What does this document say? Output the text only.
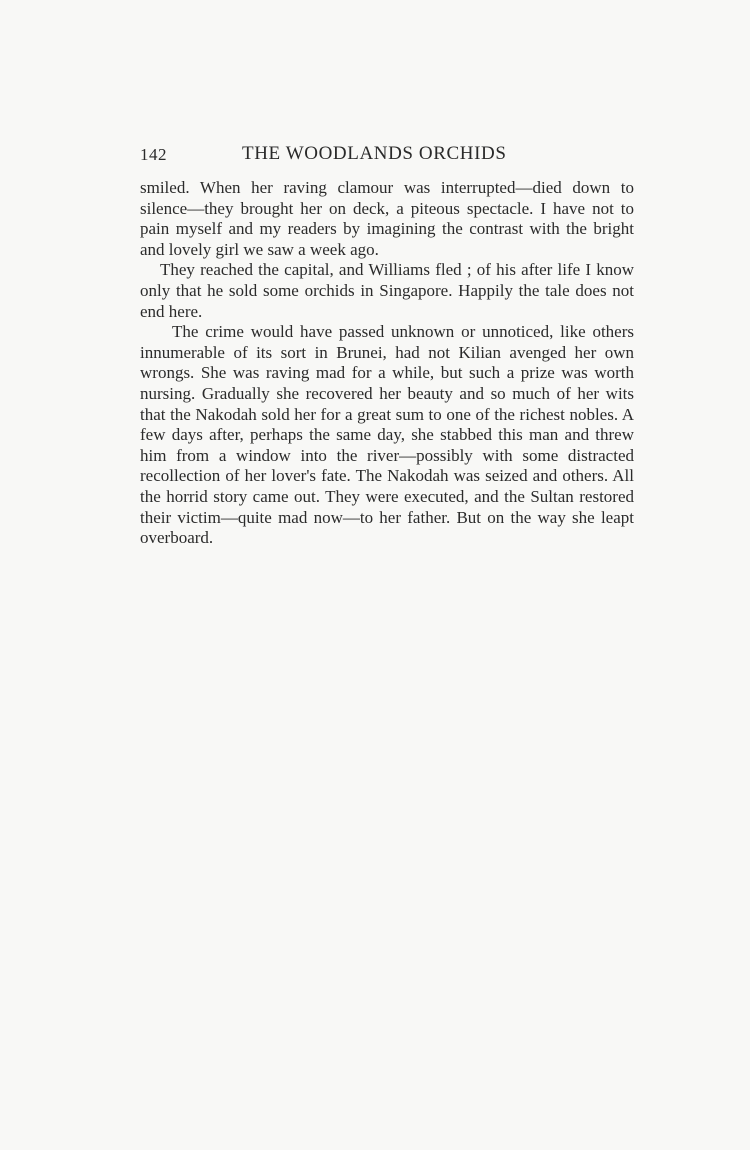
142	THE WOODLANDS ORCHIDS

smiled. When her raving clamour was interrupted—died down to silence—they brought her on deck, a piteous spectacle. I have not to pain myself and my readers by imagining the contrast with the bright and lovely girl we saw a week ago.

They reached the capital, and Williams fled ; of his after life I know only that he sold some orchids in Singapore. Happily the tale does not end here.

The crime would have passed unknown or unnoticed, like others innumerable of its sort in Brunei, had not Kilian avenged her own wrongs. She was raving mad for a while, but such a prize was worth nursing. Gradually she recovered her beauty and so much of her wits that the Nakodah sold her for a great sum to one of the richest nobles. A few days after, perhaps the same day, she stabbed this man and threw him from a window into the river—possibly with some distracted recollection of her lover's fate. The Nakodah was seized and others. All the horrid story came out. They were executed, and the Sultan restored their victim—quite mad now—to her father. But on the way she leapt overboard.
